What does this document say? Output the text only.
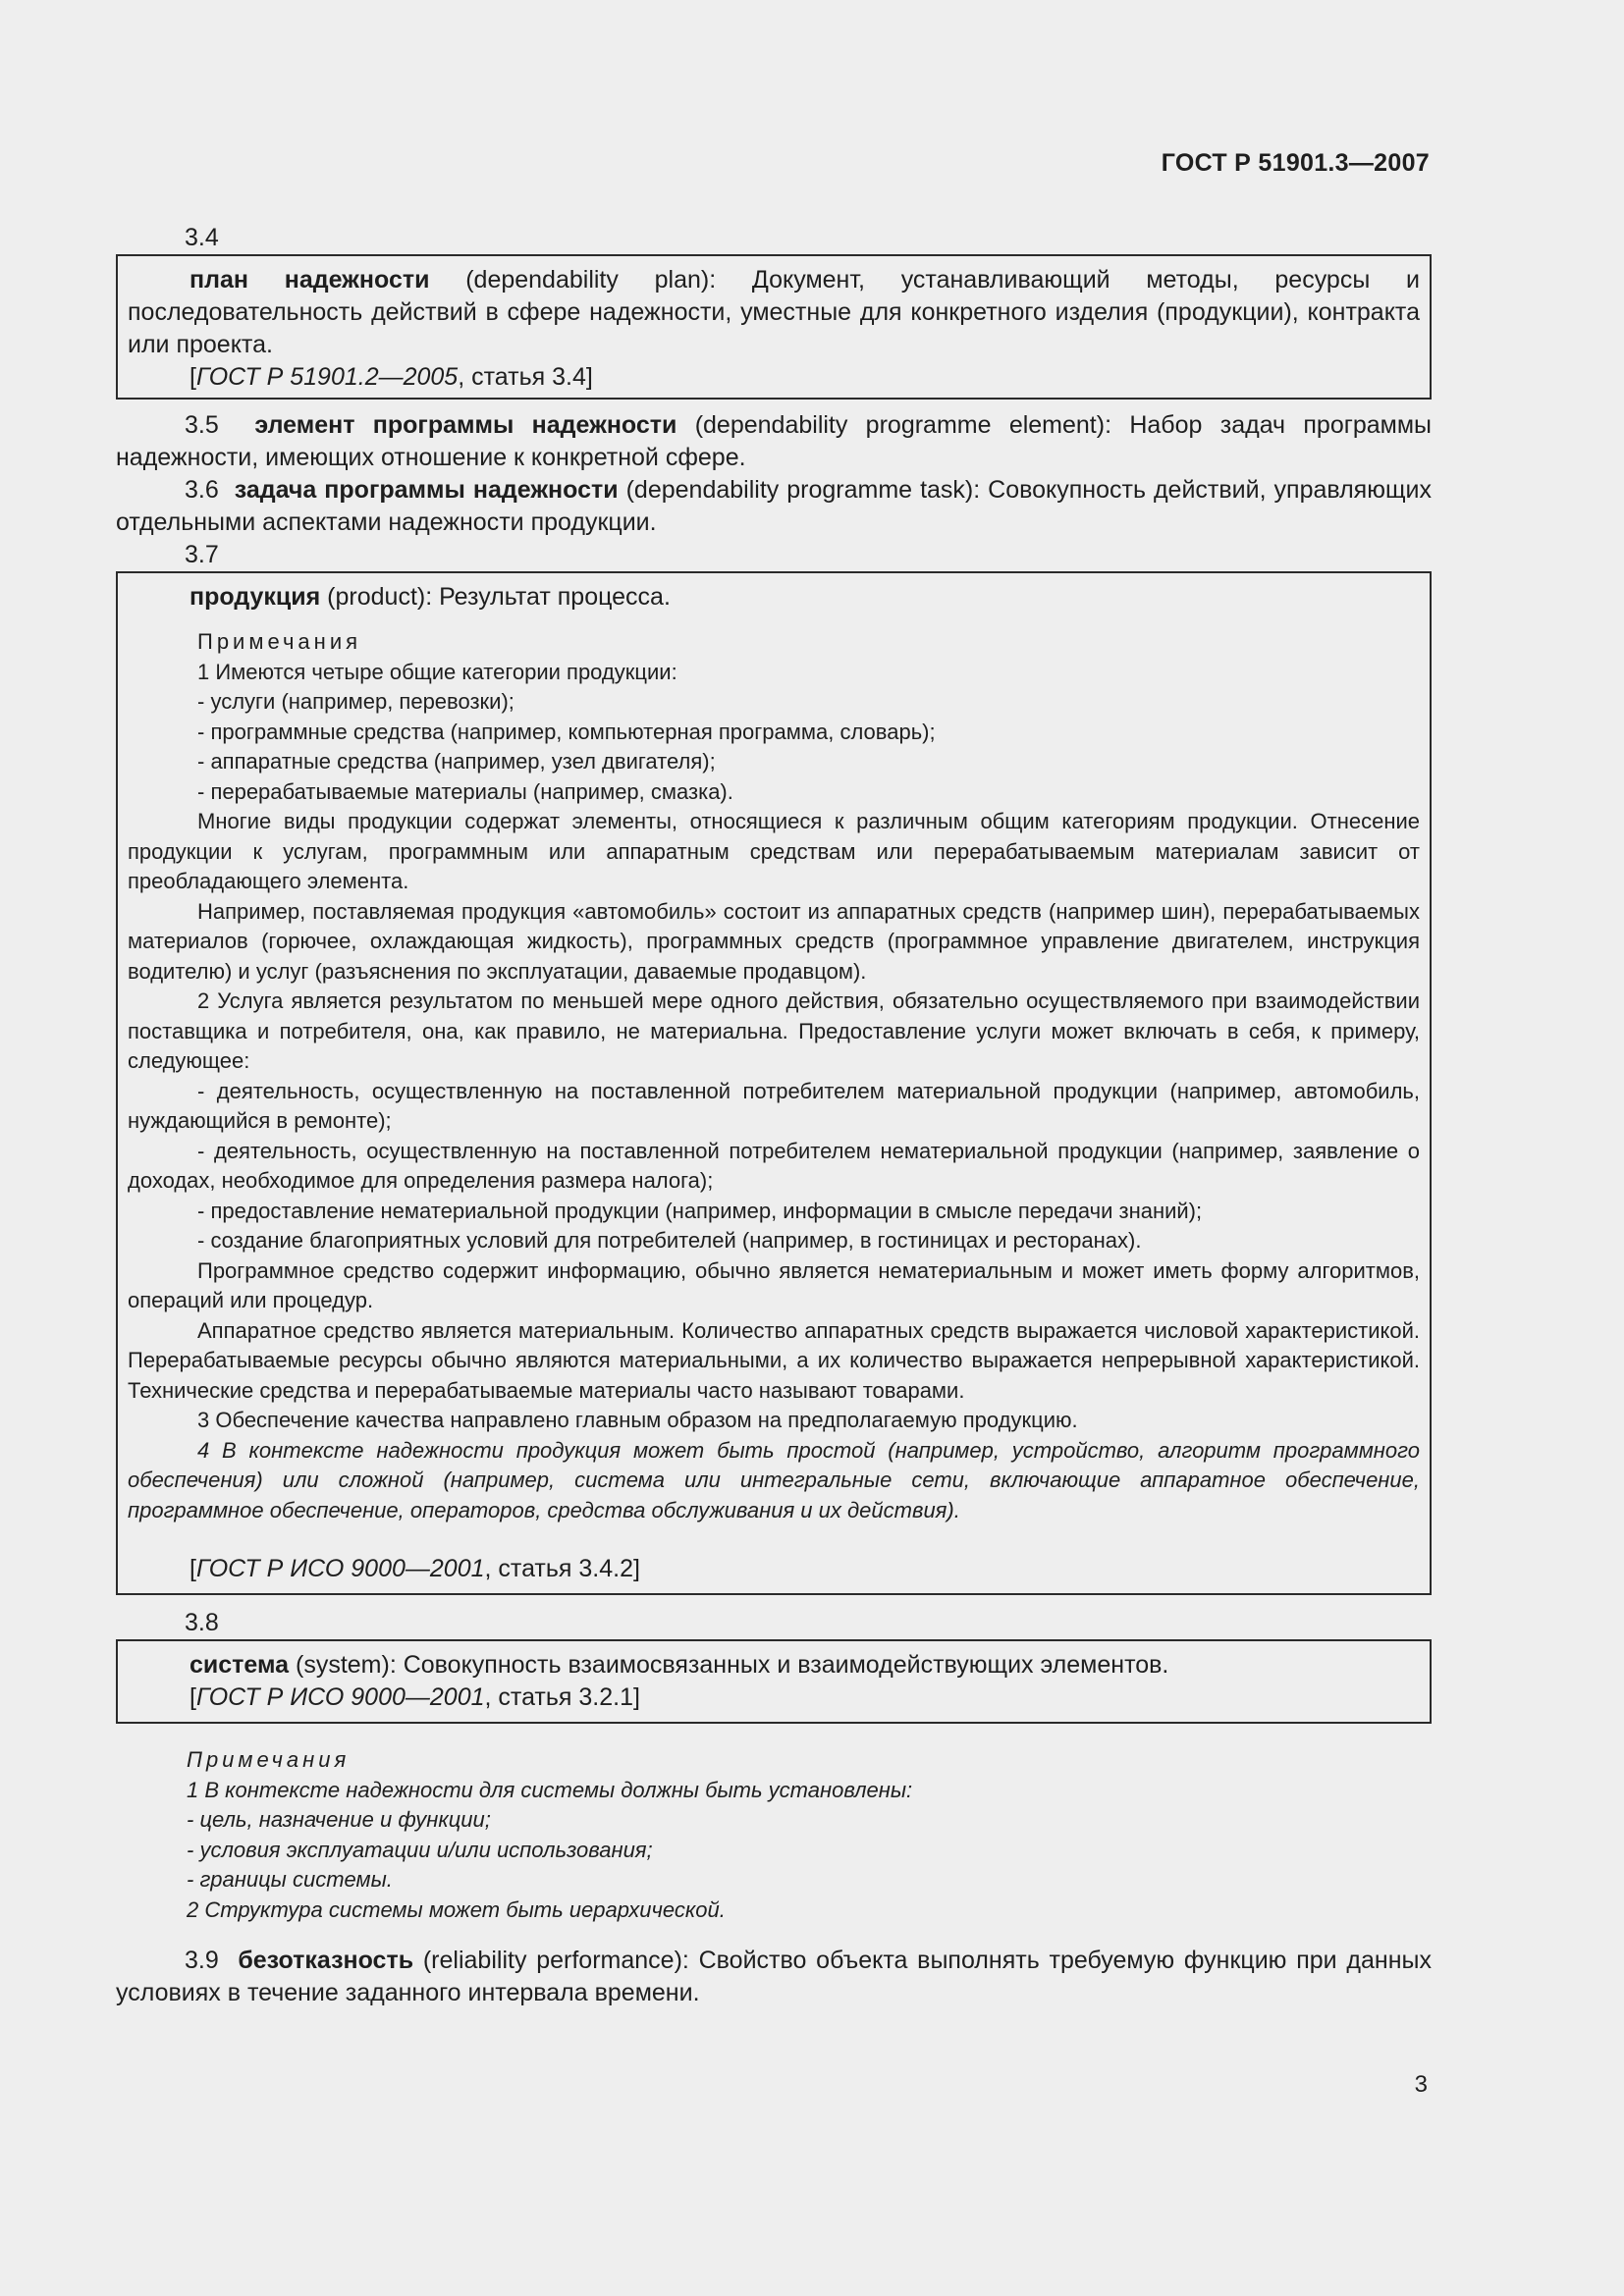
ГОСТ Р 51901.3—2007
3.4

план надежности (dependability plan): Документ, устанавливающий методы, ресурсы и последовательность действий в сфере надежности, уместные для конкретного изделия (продукции), контракта или проекта.

[ГОСТ Р 51901.2—2005, статья 3.4]

3.5 элемент программы надежности (dependability programme element): Набор задач программы надежности, имеющих отношение к конкретной сфере.

3.6 задача программы надежности (dependability programme task): Совокупность действий, управляющих отдельными аспектами надежности продукции.

3.7

продукция (product): Результат процесса.

Примечания

1 Имеются четыре общие категории продукции:

- услуги (например, перевозки);

- программные средства (например, компьютерная программа, словарь);

- аппаратные средства (например, узел двигателя);

- перерабатываемые материалы (например, смазка).

Многие виды продукции содержат элементы, относящиеся к различным общим категориям продукции. Отнесение продукции к услугам, программным или аппаратным средствам или перерабатываемым материалам зависит от преобладающего элемента.

Например, поставляемая продукция «автомобиль» состоит из аппаратных средств (например шин), перерабатываемых материалов (горючее, охлаждающая жидкость), программных средств (программное управление двигателем, инструкция водителю) и услуг (разъяснения по эксплуатации, даваемые продавцом).

2 Услуга является результатом по меньшей мере одного действия, обязательно осуществляемого при взаимодействии поставщика и потребителя, она, как правило, не материальна. Предоставление услуги может включать в себя, к примеру, следующее:

- деятельность, осуществленную на поставленной потребителем материальной продукции (например, автомобиль, нуждающийся в ремонте);

- деятельность, осуществленную на поставленной потребителем нематериальной продукции (например, заявление о доходах, необходимое для определения размера налога);

- предоставление нематериальной продукции (например, информации в смысле передачи знаний);

- создание благоприятных условий для потребителей (например, в гостиницах и ресторанах).

Программное средство содержит информацию, обычно является нематериальным и может иметь форму алгоритмов, операций или процедур.

Аппаратное средство является материальным. Количество аппаратных средств выражается числовой характеристикой. Перерабатываемые ресурсы обычно являются материальными, а их количество выражается непрерывной характеристикой. Технические средства и перерабатываемые материалы часто называют товарами.

3 Обеспечение качества направлено главным образом на предполагаемую продукцию.

4 В контексте надежности продукция может быть простой (например, устройство, алгоритм программного обеспечения) или сложной (например, система или интегральные сети, включающие аппаратное обеспечение, программное обеспечение, операторов, средства обслуживания и их действия).

[ГОСТ Р ИСО 9000—2001, статья 3.4.2]

3.8

система (system): Совокупность взаимосвязанных и взаимодействующих элементов.

[ГОСТ Р ИСО 9000—2001, статья 3.2.1]

Примечания

1 В контексте надежности для системы должны быть установлены:

- цель, назначение и функции;

- условия эксплуатации и/или использования;

- границы системы.

2 Структура системы может быть иерархической.

3.9 безотказность (reliability performance): Свойство объекта выполнять требуемую функцию при данных условиях в течение заданного интервала времени.

3
